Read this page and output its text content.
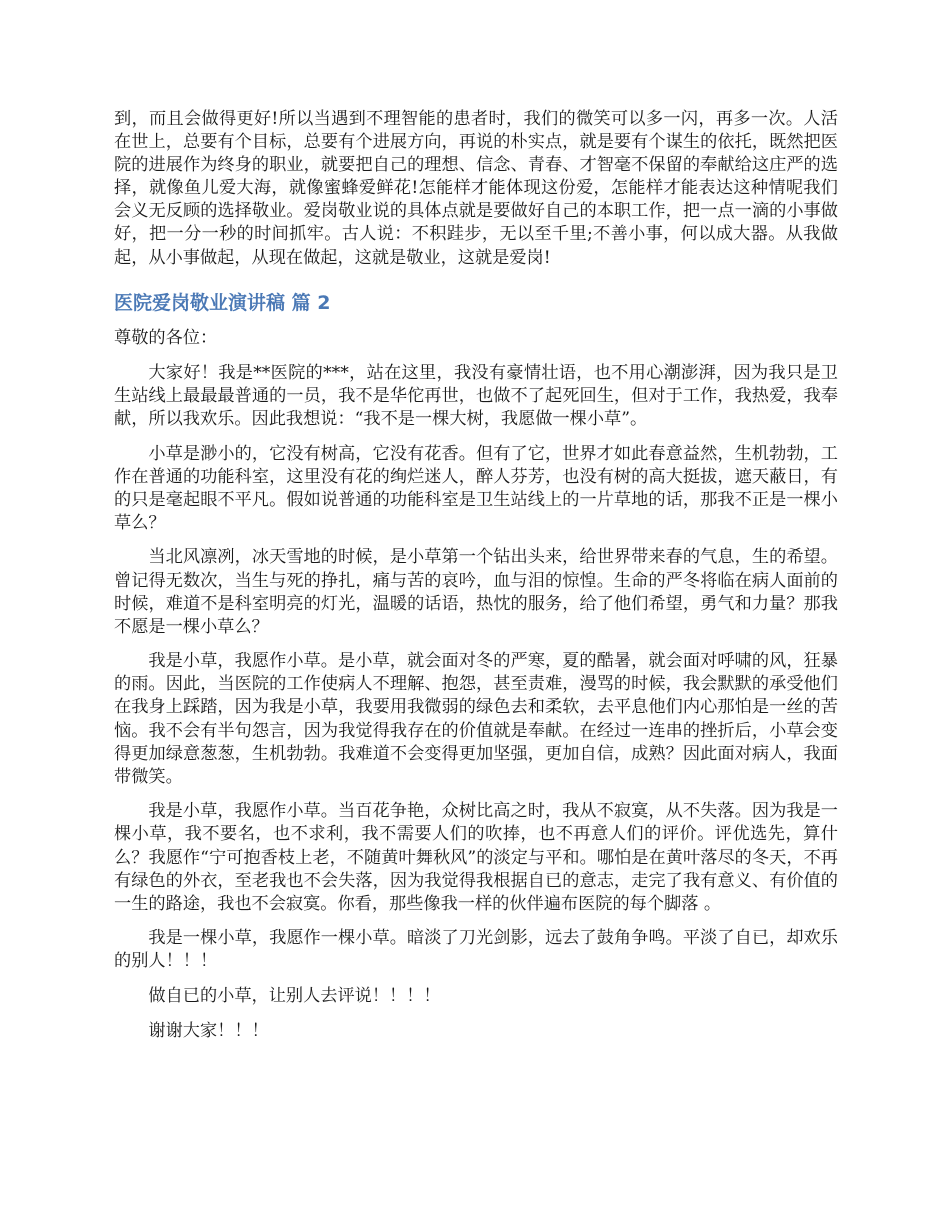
到，而且会做得更好!所以当遇到不理智能的患者时，我们的微笑可以多一闪，再多一次。人活在世上，总要有个目标，总要有个进展方向，再说的朴实点，就是要有个谋生的依托，既然把医院的进展作为终身的职业，就要把自己的理想、信念、青春、才智毫不保留的奉献给这庄严的选择，就像鱼儿爱大海，就像蜜蜂爱鲜花!怎能样才能体现这份爱，怎能样才能表达这种情呢我们会义无反顾的选择敬业。爱岗敬业说的具体点就是要做好自己的本职工作，把一点一滴的小事做好，把一分一秒的时间抓牢。古人说：不积跬步，无以至千里;不善小事，何以成大器。从我做起，从小事做起，从现在做起，这就是敬业，这就是爱岗!

医院爱岗敬业演讲稿 篇 2

尊敬的各位：

大家好！我是**医院的***，站在这里，我没有豪情壮语，也不用心潮澎湃，因为我只是卫生站线上最最最普通的一员，我不是华佗再世，也做不了起死回生，但对于工作，我热爱，我奉献，所以我欢乐。因此我想说：“我不是一棵大树，我愿做一棵小草”。

小草是渺小的，它没有树高，它没有花香。但有了它，世界才如此春意益然，生机勃勃，工作在普通的功能科室，这里没有花的绚烂迷人，醉人芬芳，也没有树的高大挺拔，遮天蔽日，有的只是毫起眼不平凡。假如说普通的功能科室是卫生站线上的一片草地的话，那我不正是一棵小草么？

当北风凛冽，冰天雪地的时候，是小草第一个钻出头来，给世界带来春的气息，生的希望。曾记得无数次，当生与死的挣扎，痛与苦的哀吟，血与泪的惊惶。生命的严冬将临在病人面前的时候，难道不是科室明亮的灯光，温暖的话语，热忱的服务，给了他们希望，勇气和力量？那我不愿是一棵小草么？

我是小草，我愿作小草。是小草，就会面对冬的严寒，夏的酷暑，就会面对呼啸的风，狂暴的雨。因此，当医院的工作使病人不理解、抱怨，甚至责难，漫骂的时候，我会默默的承受他们在我身上踩踏，因为我是小草，我要用我微弱的绿色去和柔软，去平息他们内心那怕是一丝的苦恼。我不会有半句怨言，因为我觉得我存在的价值就是奉献。在经过一连串的挫折后，小草会变得更加绿意葱葱，生机勃勃。我难道不会变得更加坚强，更加自信，成熟？因此面对病人，我面带微笑。

我是小草，我愿作小草。当百花争艳，众树比高之时，我从不寂寞，从不失落。因为我是一棵小草，我不要名，也不求利，我不需要人们的吹捧，也不再意人们的评价。评优选先，算什么？我愿作“宁可抱香枝上老，不随黄叶舞秋风”的淡定与平和。哪怕是在黄叶落尽的冬天，不再有绿色的外衣，至老我也不会失落，因为我觉得我根据自已的意志，走完了我有意义、有价值的一生的路途，我也不会寂寞。你看，那些像我一样的伙伴遍布医院的每个脚落 。

我是一棵小草，我愿作一棵小草。暗淡了刀光剑影，远去了鼓角争鸣。平淡了自已，却欢乐的别人！！！

做自已的小草，让别人去评说！！！！

谢谢大家！！！
